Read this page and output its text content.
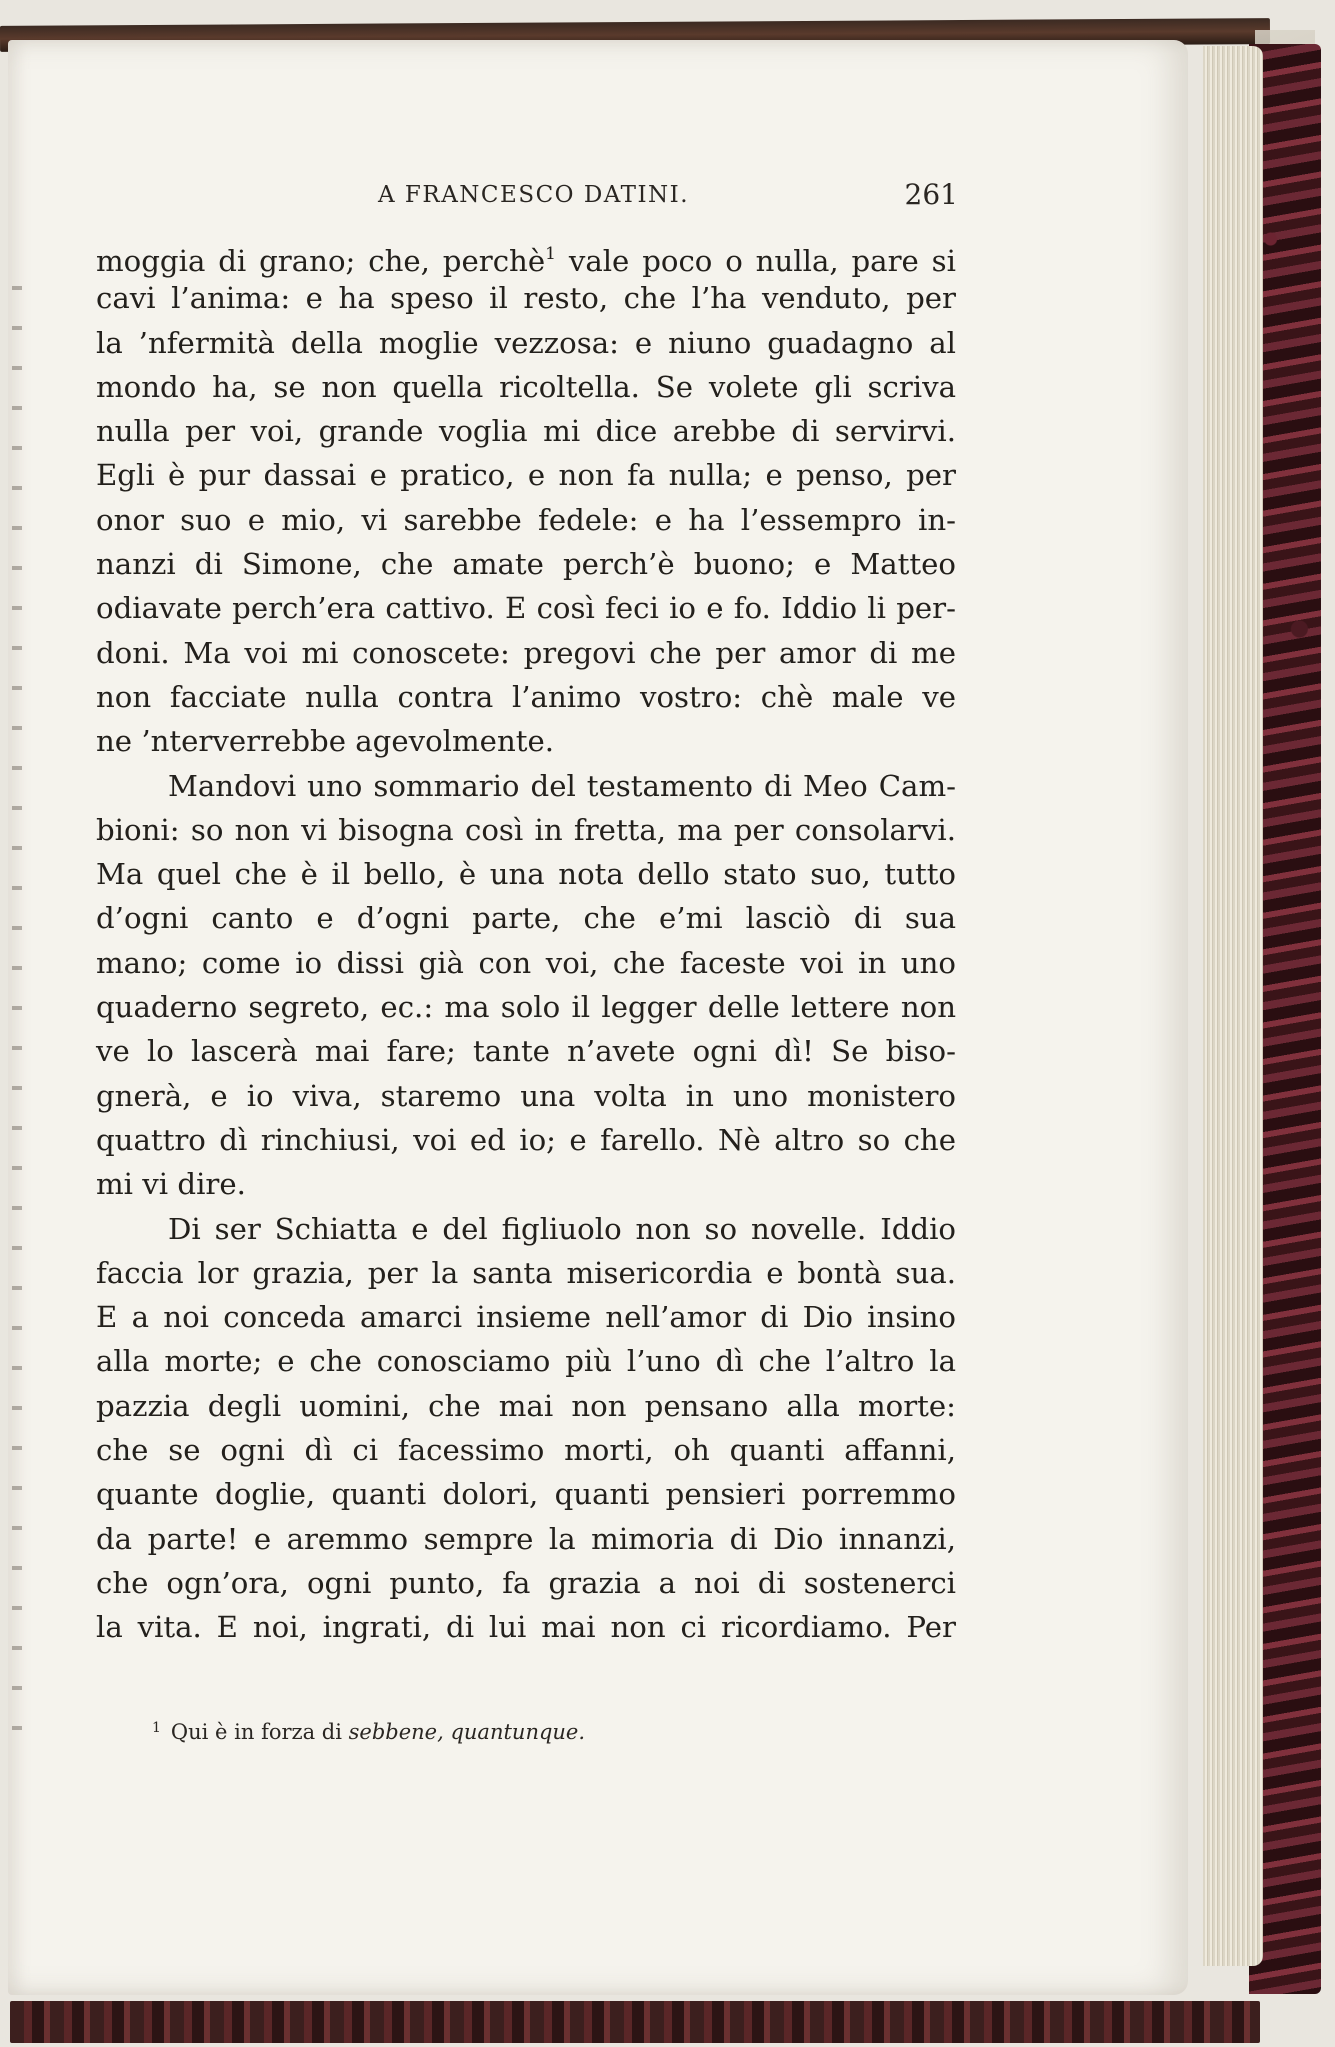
A FRANCESCO DATINI.	261

moggia di grano; che, perchè$^1$ vale poco o nulla, pare si
cavi l’anima: e ha speso il resto, che l’ha venduto, per
la ’nfermità della moglie vezzosa: e niuno guadagno al
mondo ha, se non quella ricoltella. Se volete gli scriva
nulla per voi, grande voglia mi dice arebbe di servirvi.
Egli è pur dassai e pratico, e non fa nulla; e penso, per
onor suo e mio, vi sarebbe fedele: e ha l’essempro in-
nanzi di Simone, che amate perch’è buono; e Matteo
odiavate perch’era cattivo. E così feci io e fo. Iddio li per-
doni. Ma voi mi conoscete: pregovi che per amor di me
non facciate nulla contra l’animo vostro: chè male ve
ne ’nterverrebbe agevolmente.

Mandovi uno sommario del testamento di Meo Cam-
bioni: so non vi bisogna così in fretta, ma per consolarvi.
Ma quel che è il bello, è una nota dello stato suo, tutto
d’ogni canto e d’ogni parte, che e’mi lasciò di sua
mano; come io dissi già con voi, che faceste voi in uno
quaderno segreto, ec.: ma solo il legger delle lettere non
ve lo lascerà mai fare; tante n’avete ogni dì! Se biso-
gnerà, e io viva, staremo una volta in uno monistero
quattro dì rinchiusi, voi ed io; e farello. Nè altro so che
mi vi dire.

Di ser Schiatta e del figliuolo non so novelle. Iddio
faccia lor grazia, per la santa misericordia e bontà sua.
E a noi conceda amarci insieme nell’amor di Dio insino
alla morte; e che conosciamo più l’uno dì che l’altro la
pazzia degli uomini, che mai non pensano alla morte:
che se ogni dì ci facessimo morti, oh quanti affanni,
quante doglie, quanti dolori, quanti pensieri porremmo
da parte! e aremmo sempre la mimoria di Dio innanzi,
che ogn’ora, ogni punto, fa grazia a noi di sostenerci
la vita. E noi, ingrati, di lui mai non ci ricordiamo. Per

$^1$ Qui è in forza di sebbene, quantunque.
